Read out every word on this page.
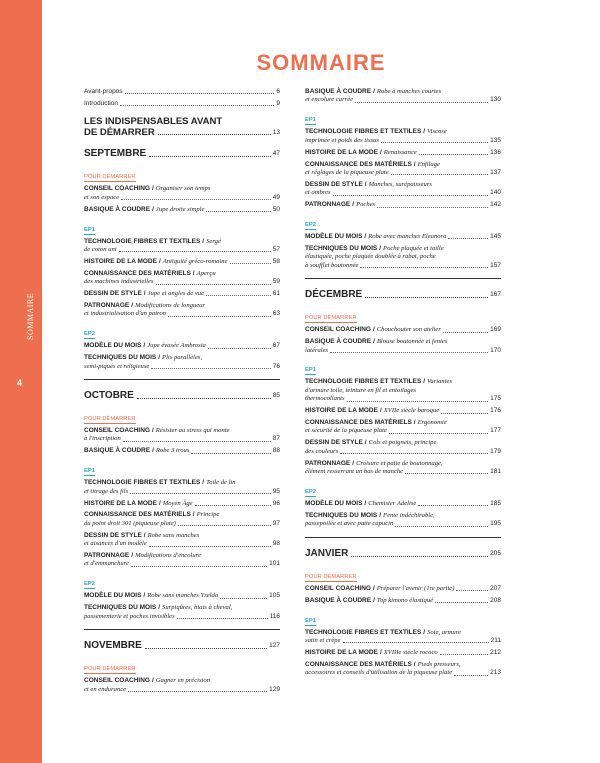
SOMMAIRE
4
SOMMAIRE
Avant-propos	6
Introduction	9
LES INDISPENSABLES AVANT
DE DÉMARRER	13
SEPTEMBRE	47
POUR DÉMARRER
CONSEIL COACHING / Organiser son temps
et son espace	49
BASIQUE À COUDRE / Jupe droite simple	50
EP1
TECHNOLOGIE FIBRES ET TEXTILES / Sergé
de coton uni	57
HISTOIRE DE LA MODE / Antiquité gréco-romaine	58
CONNAISSANCE DES MATÉRIELS / Aperçu
des machines industrielles	59
DESSIN DE STYLE / Jupe et angles de vue	61
PATRONNAGE / Modifications de longueur
et industrialisation d'un patron	63
EP2
MODÈLE DU MOIS / Jupe évasée Ambrosia	67
TECHNIQUES DU MOIS / Plis parallèles,
semi-piqués et religieuse	76
OCTOBRE	85
POUR DÉMARRER
CONSEIL COACHING / Résister au stress qui monte
à l'inscription	87
BASIQUE À COUDRE / Robe 3 trous	88
EP1
TECHNOLOGIE FIBRES ET TEXTILES / Toile de lin
et titrage des fils	95
HISTOIRE DE LA MODE / Moyen Âge	96
CONNAISSANCE DES MATÉRIELS / Principe
du point droit 301 (piqueuse plate)	97
DESSIN DE STYLE / Robe sans manches
et aisances d'un modèle	98
PATRONNAGE / Modifications d'encolure
et d'emmanchure	101
EP2
MODÈLE DU MOIS / Robe sans manches Yselda	105
TECHNIQUES DU MOIS / Surpiqûres, biais à cheval,
passementerie et poches invisibles	116
NOVEMBRE	127
POUR DÉMARRER
CONSEIL COACHING / Gagner en précision
et en endurance	129
BASIQUE À COUDRE / Robe à manches courtes
et encolure carrée	130
EP1
TECHNOLOGIE FIBRES ET TEXTILES / Viscose
imprimée et poids des tissus	135
HISTOIRE DE LA MODE / Renaissance	136
CONNAISSANCE DES MATÉRIELS / Enfilage
et réglages de la piqueuse plate	137
DESSIN DE STYLE / Manches, surépaisseurs
et ombres	140
PATRONNAGE / Poches	142
EP2
MODÈLE DU MOIS / Robe avec manches Eleanora	145
TECHNIQUES DU MOIS / Poche plaquée et taille
élastiquée, poche plaquée doublée à rabat, poche
à soufflet boutonnée	157
DÉCEMBRE	167
POUR DÉMARRER
CONSEIL COACHING / Chouchouter son atelier	169
BASIQUE À COUDRE / Blouse boutonnée et fentes
latérales	170
EP1
TECHNOLOGIE FIBRES ET TEXTILES / Variantes
d'armure toile, teinture en fil et entoilages
thermocollants	175
HISTOIRE DE LA MODE / XVIIe siècle baroque	176
CONNAISSANCE DES MATÉRIELS / Ergonomie
et sécurité de la piqueuse plate	177
DESSIN DE STYLE / Cols et poignets, principe
des couleurs	179
PATRONNAGE / Croisure et patte de boutonnage,
élément resserrant un bas de manche	181
EP2
MODÈLE DU MOIS / Chemisier Adelise	185
TECHNIQUES DU MOIS / Fente indéchirable,
passepoilée et avec patte capucin	195
JANVIER	205
POUR DÉMARRER
CONSEIL COACHING / Préparer l'avenir (1re partie)	207
BASIQUE À COUDRE / Top kimono élastiqué	208
EP1
TECHNOLOGIE FIBRES ET TEXTILES / Soie, armure
satin et crêpe	211
HISTOIRE DE LA MODE / XVIIIe siècle rococo	212
CONNAISSANCE DES MATÉRIELS / Pieds presseurs,
accessoires et conseils d'utilisation de la piqueuse plate	213
